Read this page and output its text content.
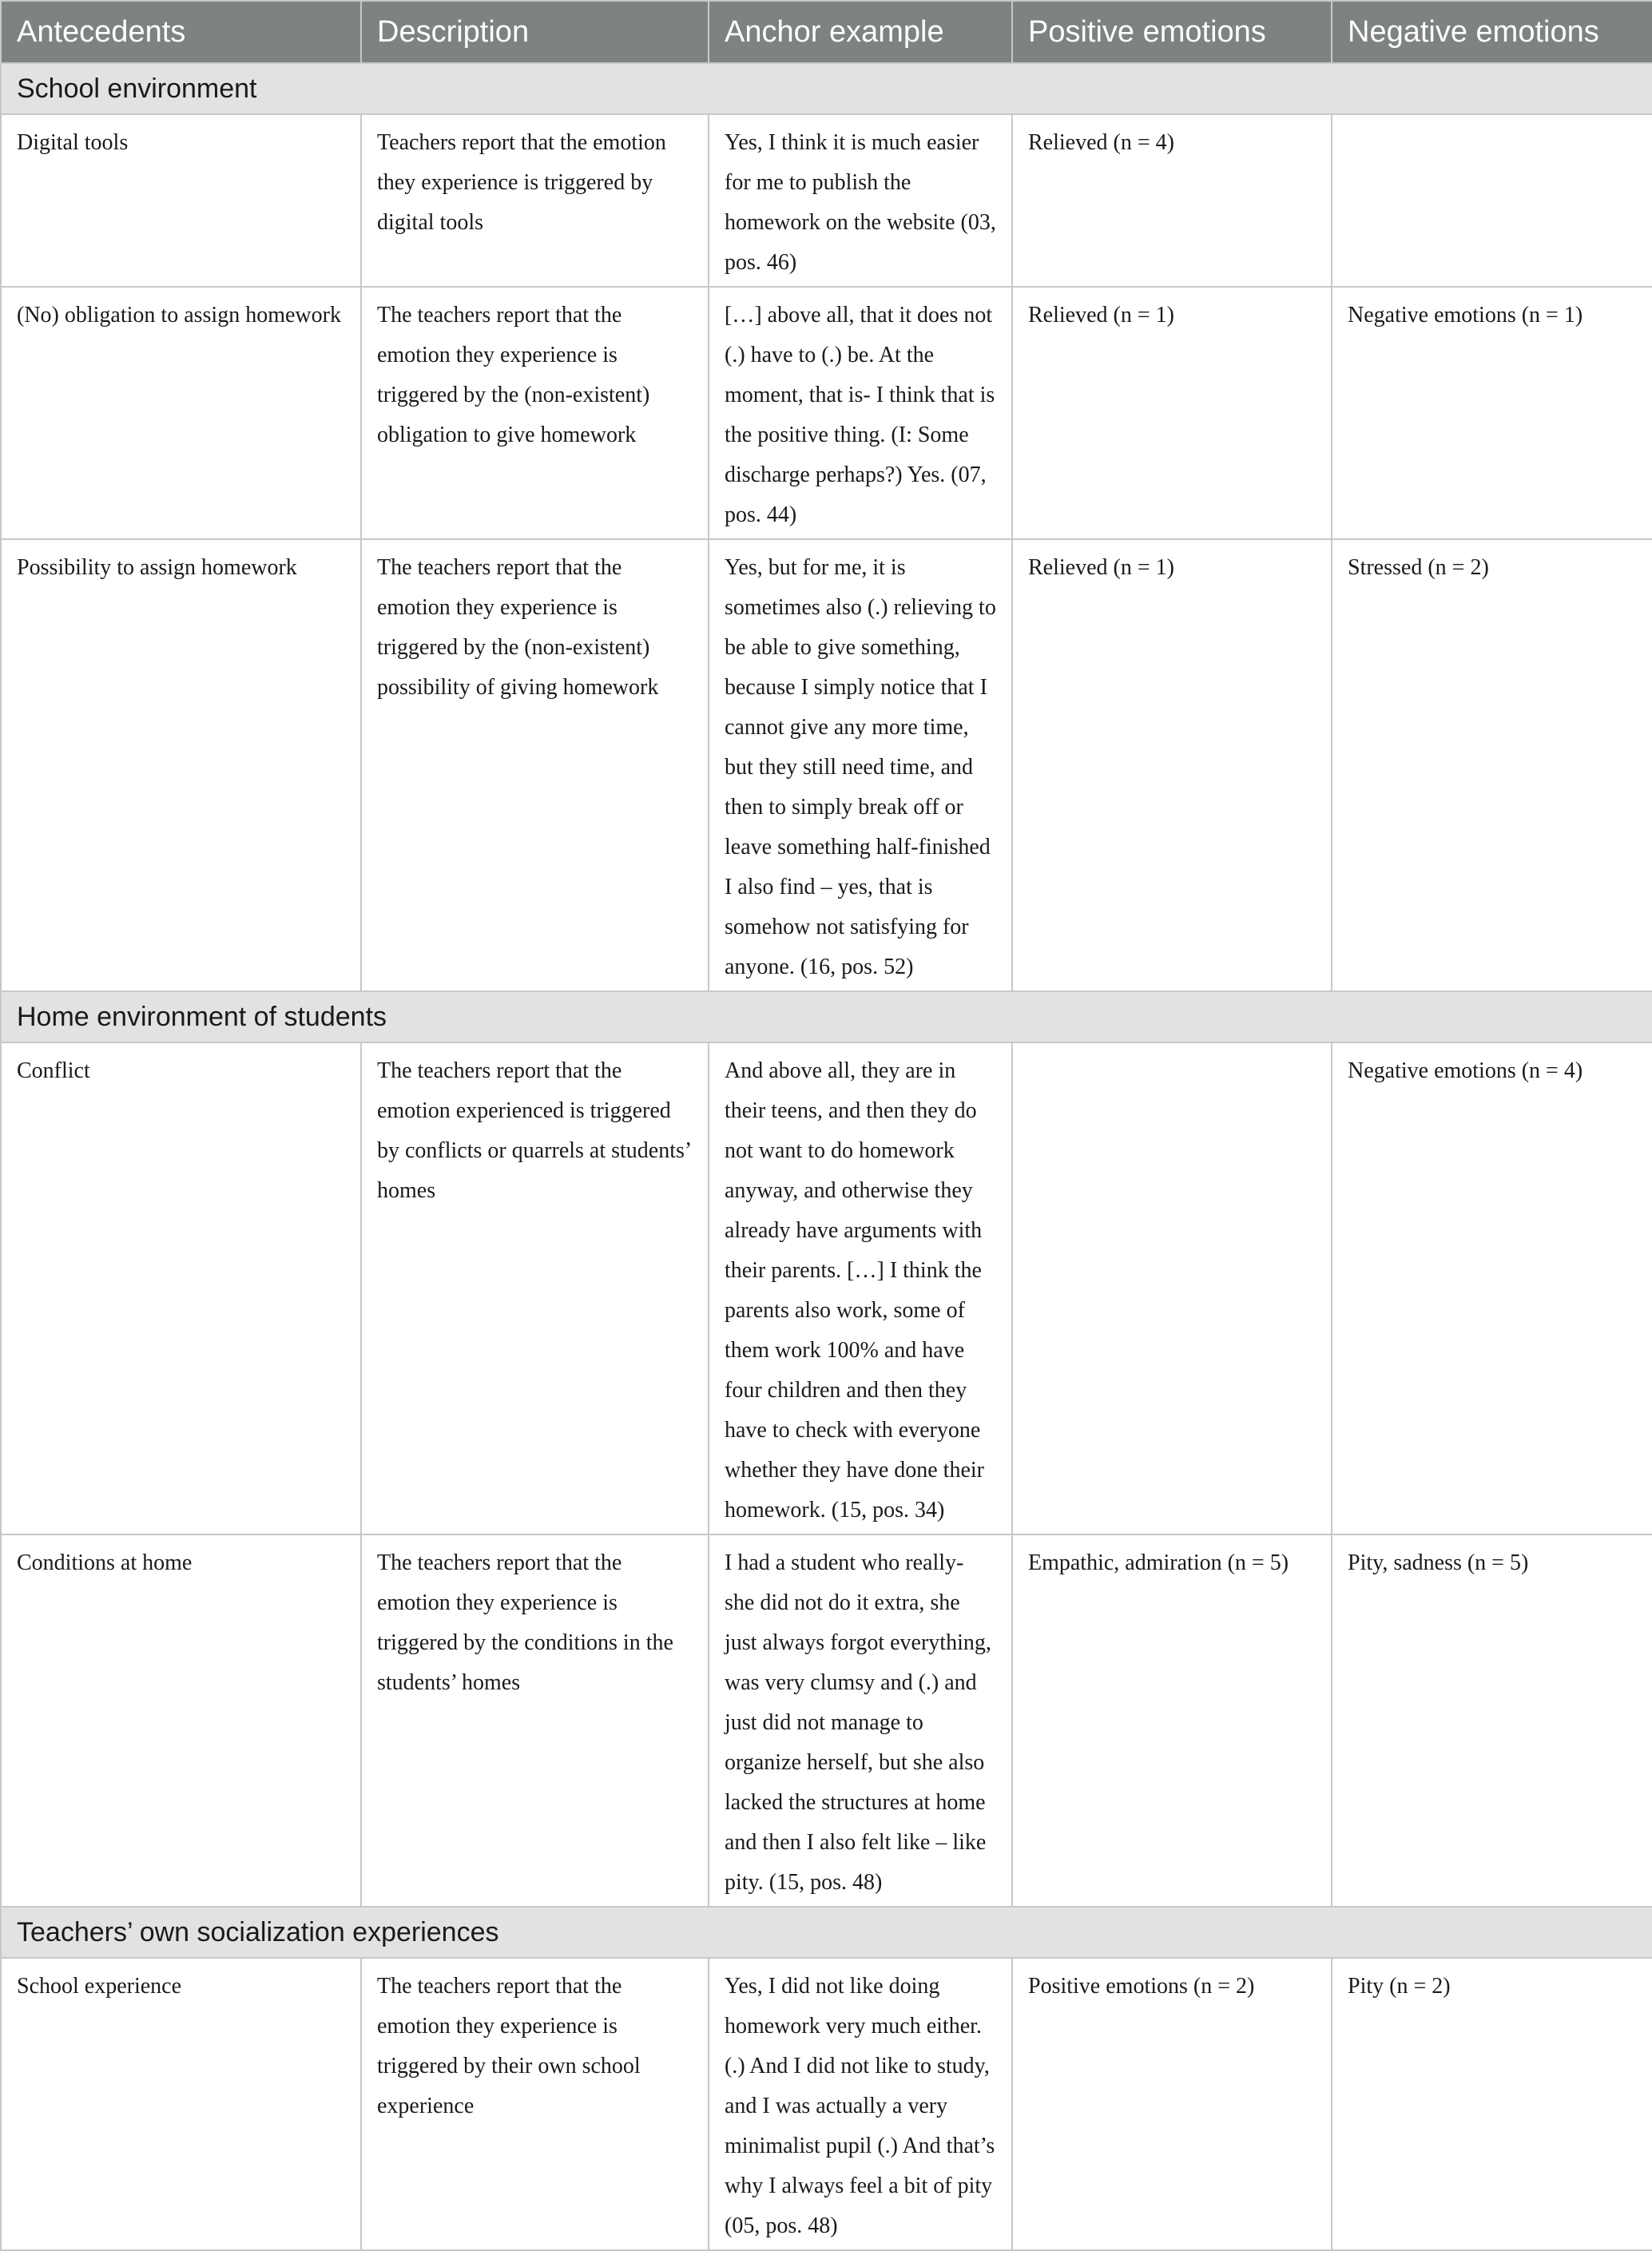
Antecedents	Description	Anchor example	Positive emotions	Negative emotions
School environment				
Digital tools	Teachers report that the emotion they experience is triggered by digital tools	Yes, I think it is much easier for me to publish the homework on the website (03, pos. 46)	Relieved (n = 4)	
(No) obligation to assign homework	The teachers report that the emotion they experience is triggered by the (non-existent) obligation to give homework	[…] above all, that it does not (.) have to (.) be. At the moment, that is- I think that is the positive thing. (I: Some discharge perhaps?) Yes. (07, pos. 44)	Relieved (n = 1)	Negative emotions (n = 1)
Possibility to assign homework	The teachers report that the emotion they experience is triggered by the (non-existent) possibility of giving homework	Yes, but for me, it is sometimes also (.) relieving to be able to give something, because I simply notice that I cannot give any more time, but they still need time, and then to simply break off or leave something half-finished I also find – yes, that is somehow not satisfying for anyone. (16, pos. 52)	Relieved (n = 1)	Stressed (n = 2)
Home environment of students				
Conflict	The teachers report that the emotion experienced is triggered by conflicts or quarrels at students’ homes	And above all, they are in their teens, and then they do not want to do homework anyway, and otherwise they already have arguments with their parents. […] I think the parents also work, some of them work 100% and have four children and then they have to check with everyone whether they have done their homework. (15, pos. 34)		Negative emotions (n = 4)
Conditions at home	The teachers report that the emotion they experience is triggered by the conditions in the students’ homes	I had a student who really- she did not do it extra, she just always forgot everything, was very clumsy and (.) and just did not manage to organize herself, but she also lacked the structures at home and then I also felt like – like pity. (15, pos. 48)	Empathic, admiration (n = 5)	Pity, sadness (n = 5)
Teachers’ own socialization experiences				
School experience	The teachers report that the emotion they experience is triggered by their own school experience	Yes, I did not like doing homework very much either. (.) And I did not like to study, and I was actually a very minimalist pupil (.) And that’s why I always feel a bit of pity (05, pos. 48)	Positive emotions (n = 2)	Pity (n = 2)
